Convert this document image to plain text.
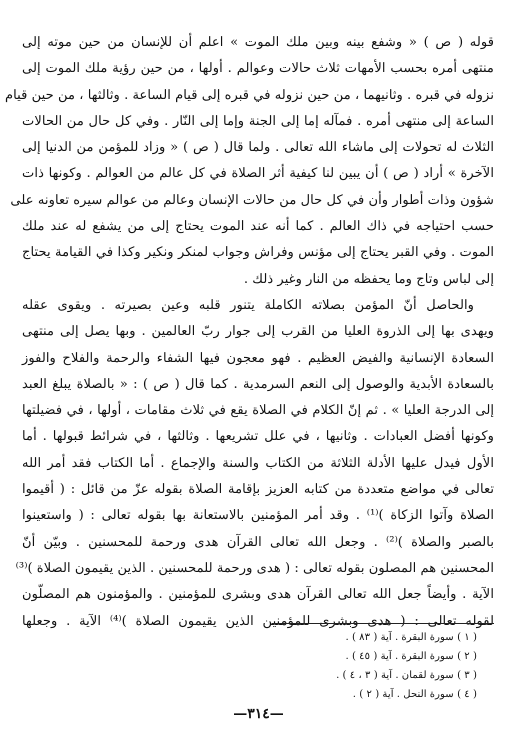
قوله ( ص ) « وشفع بينه وبين ملك الموت » اعلم أن للإنسان من حين موته إلى
منتهى أمره بحسب الأمهات ثلاث حالات وعوالم . أولها ، من حين رؤية ملك الموت إلى
نزوله في قبره . وثانيهما ، من حين نزوله في قبره إلى قيام الساعة . وثالثها ، من حين قيام
الساعة إلى منتهى أمره . فمآله إما إلى الجنة وإما إلى النّار . وفي كل حال من الحالات
الثلاث له تحولات إلى ماشاء الله تعالى . ولما قال ( ص ) « وزاد للمؤمن من الدنيا إلى
الآخرة » أراد ( ص ) أن يبين لنا كيفية أثر الصلاة في كل عالم من العوالم . وكونها ذات
شؤون وذات أطوار وأن في كل حال من حالات الإنسان وعالم من عوالم سيره تعاونه على
حسب احتياجه في ذاك العالم . كما أنه عند الموت يحتاج إلى من يشفع له عند ملك
الموت . وفي القبر يحتاج إلى مؤنس وفراش وجواب لمنكر ونكير وكذا في القيامة يحتاج
إلى لباس وتاج وما يحفظه من النار وغير ذلك .
والحاصل أنّ المؤمن بصلاته الكاملة يتنور قلبه وعين بصيرته . ويقوى عقله
ويهدى بها إلى الذروة العليا من القرب إلى جوار ربّ العالمين . وبها يصل إلى منتهى
السعادة الإنسانية والفيض العظيم . فهو معجون فيها الشفاء والرحمة والفلاح والفوز
بالسعادة الأبدية والوصول إلى النعم السرمدية . كما قال ( ص ) : « بالصلاة يبلغ العبد
إلى الدرجة العليا » . ثم إنّ الكلام في الصلاة يقع في ثلاث مقامات ، أولها ، في فضيلتها
وكونها أفضل العبادات . وثانيها ، في علل تشريعها . وثالثها ، في شرائط قبولها . أما
الأول فيدل عليها الأدلة الثلاثة من الكتاب والسنة والإجماع . أما الكتاب فقد أمر الله
تعالى في مواضع متعددة من كتابه العزيز بإقامة الصلاة بقوله عزّ من قائل : ( أقيموا
الصلاة وآتوا الزكاة )⁽¹⁾ . وقد أمر المؤمنين بالاستعانة بها بقوله تعالى : ( واستعينوا
بالصبر والصلاة )⁽²⁾ . وجعل الله تعالى القرآن هدى ورحمة للمحسنين . وبيّن أنّ
المحسنين هم المصلون بقوله تعالى : ( هدى ورحمة للمحسنين . الذين يقيمون الصلاة )⁽³⁾
الآية . وأيضاً جعل الله تعالى القرآن هدى وبشرى للمؤمنين . والمؤمنون هم المصلّون
لقوله تعالى : ( هدى وبشرى للمؤمنين الذين يقيمون الصلاة )⁽⁴⁾ الآية . وجعلها
( ١ ) سورة البقرة . آية ( ٨٣ ) .
( ٢ ) سورة البقرة . آية ( ٤٥ ) .
( ٣ ) سورة لقمان . آية ( ٣ ، ٤ ) .
( ٤ ) سورة النحل . آية ( ٢ ) .
—٣١٤—
